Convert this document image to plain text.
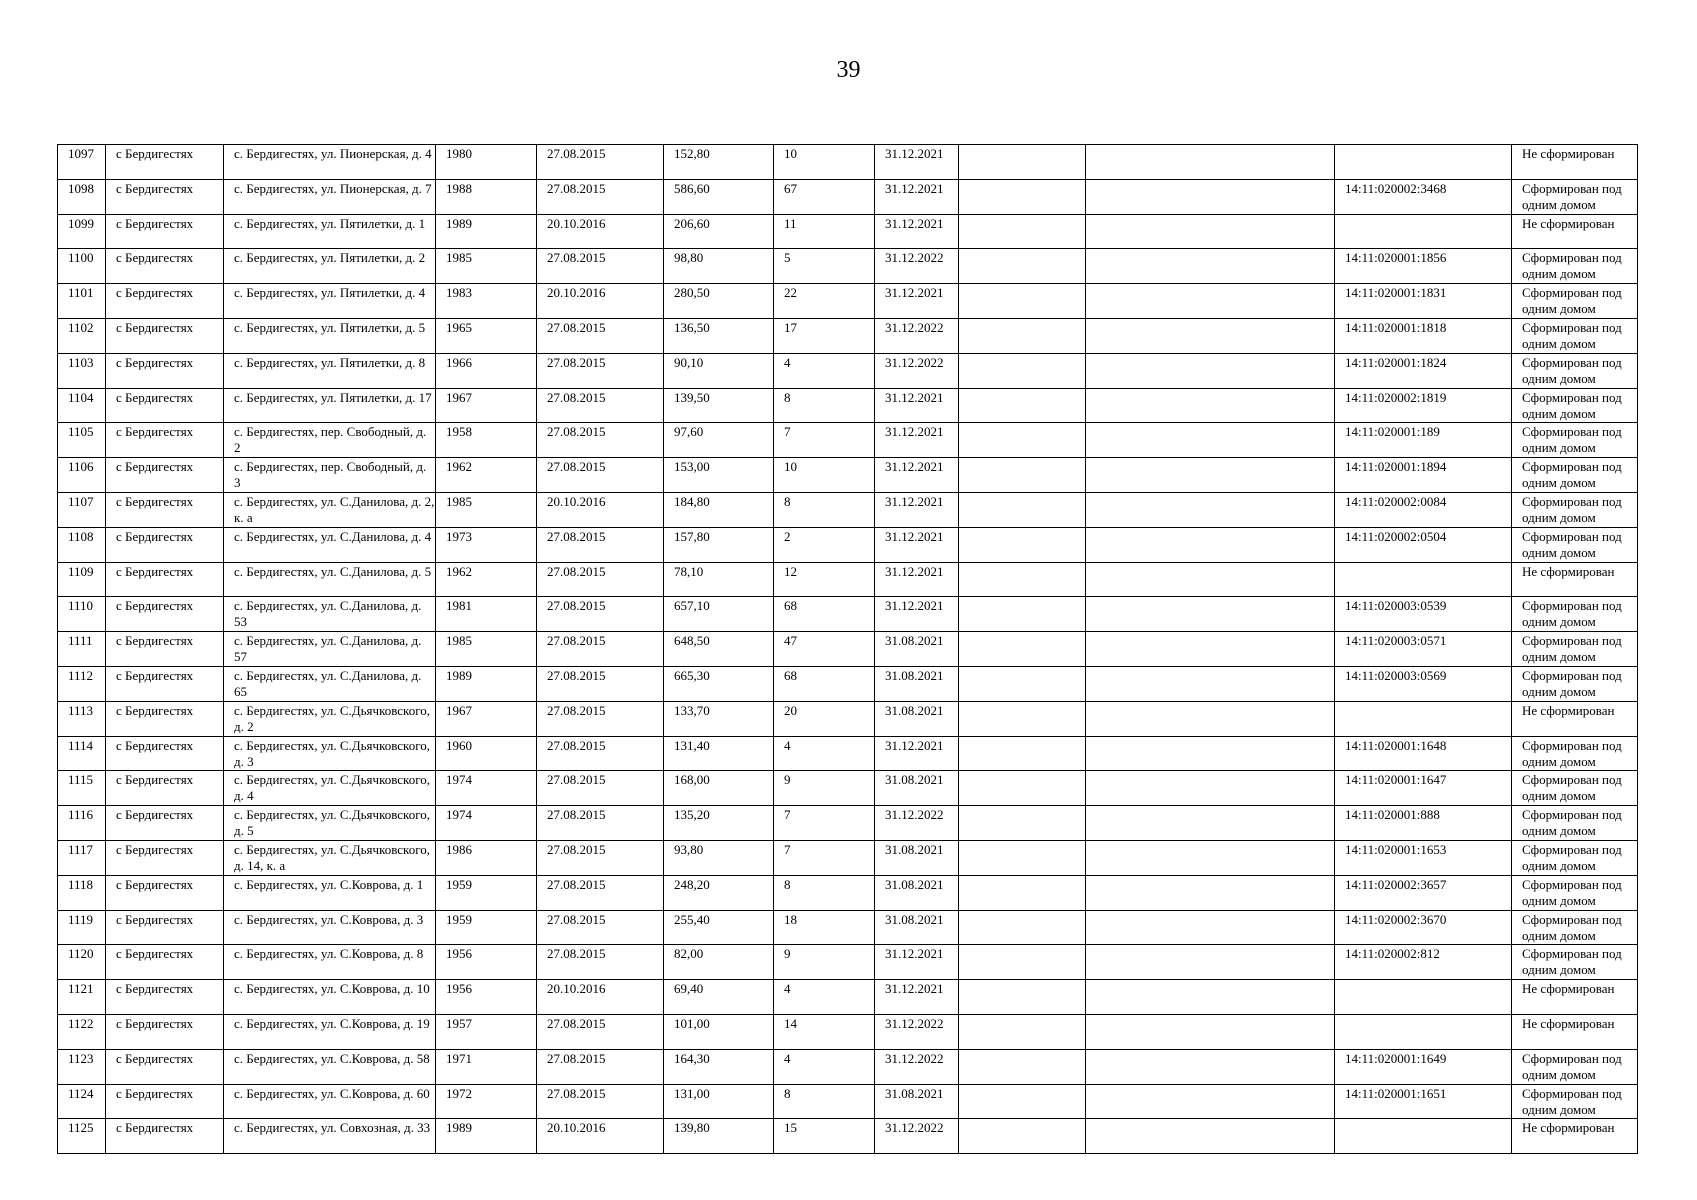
39
1097	с Бердигестях	с. Бердигестях, ул. Пионерская, д. 4	1980	27.08.2015	152,80	10	31.12.2021				Не сформирован
1098	с Бердигестях	с. Бердигестях, ул. Пионерская, д. 7	1988	27.08.2015	586,60	67	31.12.2021			14:11:020002:3468	Сформирован под одним домом
1099	с Бердигестях	с. Бердигестях, ул. Пятилетки, д. 1	1989	20.10.2016	206,60	11	31.12.2021				Не сформирован
1100	с Бердигестях	с. Бердигестях, ул. Пятилетки, д. 2	1985	27.08.2015	98,80	5	31.12.2022			14:11:020001:1856	Сформирован под одним домом
1101	с Бердигестях	с. Бердигестях, ул. Пятилетки, д. 4	1983	20.10.2016	280,50	22	31.12.2021			14:11:020001:1831	Сформирован под одним домом
1102	с Бердигестях	с. Бердигестях, ул. Пятилетки, д. 5	1965	27.08.2015	136,50	17	31.12.2022			14:11:020001:1818	Сформирован под одним домом
1103	с Бердигестях	с. Бердигестях, ул. Пятилетки, д. 8	1966	27.08.2015	90,10	4	31.12.2022			14:11:020001:1824	Сформирован под одним домом
1104	с Бердигестях	с. Бердигестях, ул. Пятилетки, д. 17	1967	27.08.2015	139,50	8	31.12.2021			14:11:020002:1819	Сформирован под одним домом
1105	с Бердигестях	с. Бердигестях, пер. Свободный, д. 2	1958	27.08.2015	97,60	7	31.12.2021			14:11:020001:189	Сформирован под одним домом
1106	с Бердигестях	с. Бердигестях, пер. Свободный, д. 3	1962	27.08.2015	153,00	10	31.12.2021			14:11:020001:1894	Сформирован под одним домом
1107	с Бердигестях	с. Бердигестях, ул. С.Данилова, д. 2, к. а	1985	20.10.2016	184,80	8	31.12.2021			14:11:020002:0084	Сформирован под одним домом
1108	с Бердигестях	с. Бердигестях, ул. С.Данилова, д. 4	1973	27.08.2015	157,80	2	31.12.2021			14:11:020002:0504	Сформирован под одним домом
1109	с Бердигестях	с. Бердигестях, ул. С.Данилова, д. 5	1962	27.08.2015	78,10	12	31.12.2021				Не сформирован
1110	с Бердигестях	с. Бердигестях, ул. С.Данилова, д. 53	1981	27.08.2015	657,10	68	31.12.2021			14:11:020003:0539	Сформирован под одним домом
1111	с Бердигестях	с. Бердигестях, ул. С.Данилова, д. 57	1985	27.08.2015	648,50	47	31.08.2021			14:11:020003:0571	Сформирован под одним домом
1112	с Бердигестях	с. Бердигестях, ул. С.Данилова, д. 65	1989	27.08.2015	665,30	68	31.08.2021			14:11:020003:0569	Сформирован под одним домом
1113	с Бердигестях	с. Бердигестях, ул. С.Дьячковского, д. 2	1967	27.08.2015	133,70	20	31.08.2021				Не сформирован
1114	с Бердигестях	с. Бердигестях, ул. С.Дьячковского, д. 3	1960	27.08.2015	131,40	4	31.12.2021			14:11:020001:1648	Сформирован под одним домом
1115	с Бердигестях	с. Бердигестях, ул. С.Дьячковского, д. 4	1974	27.08.2015	168,00	9	31.08.2021			14:11:020001:1647	Сформирован под одним домом
1116	с Бердигестях	с. Бердигестях, ул. С.Дьячковского, д. 5	1974	27.08.2015	135,20	7	31.12.2022			14:11:020001:888	Сформирован под одним домом
1117	с Бердигестях	с. Бердигестях, ул. С.Дьячковского, д. 14, к. а	1986	27.08.2015	93,80	7	31.08.2021			14:11:020001:1653	Сформирован под одним домом
1118	с Бердигестях	с. Бердигестях, ул. С.Коврова, д. 1	1959	27.08.2015	248,20	8	31.08.2021			14:11:020002:3657	Сформирован под одним домом
1119	с Бердигестях	с. Бердигестях, ул. С.Коврова, д. 3	1959	27.08.2015	255,40	18	31.08.2021			14:11:020002:3670	Сформирован под одним домом
1120	с Бердигестях	с. Бердигестях, ул. С.Коврова, д. 8	1956	27.08.2015	82,00	9	31.12.2021			14:11:020002:812	Сформирован под одним домом
1121	с Бердигестях	с. Бердигестях, ул. С.Коврова, д. 10	1956	20.10.2016	69,40	4	31.12.2021				Не сформирован
1122	с Бердигестях	с. Бердигестях, ул. С.Коврова, д. 19	1957	27.08.2015	101,00	14	31.12.2022				Не сформирован
1123	с Бердигестях	с. Бердигестях, ул. С.Коврова, д. 58	1971	27.08.2015	164,30	4	31.12.2022			14:11:020001:1649	Сформирован под одним домом
1124	с Бердигестях	с. Бердигестях, ул. С.Коврова, д. 60	1972	27.08.2015	131,00	8	31.08.2021			14:11:020001:1651	Сформирован под одним домом
1125	с Бердигестях	с. Бердигестях, ул. Совхозная, д. 33	1989	20.10.2016	139,80	15	31.12.2022				Не сформирован
